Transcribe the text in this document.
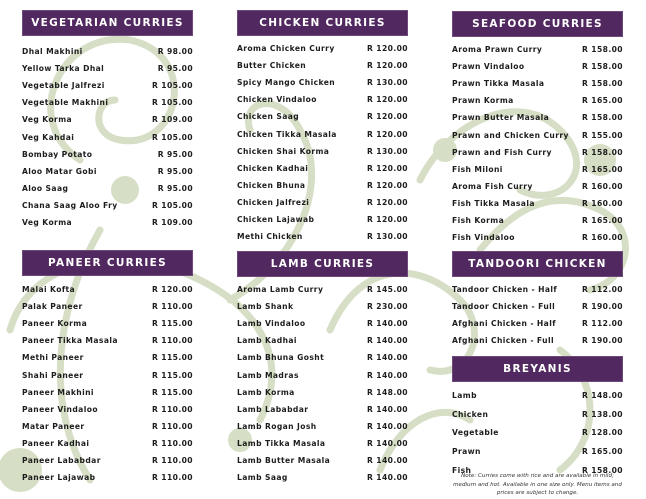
VEGETARIAN CURRIES
Dhal Makhini	R 98.00
Yellow Tarka Dhal	R 95.00
Vegetable Jalfrezi	R 105.00
Vegetable Makhini	R 105.00
Veg Korma	R 109.00
Veg Kahdai	R 105.00
Bombay Potato	R 95.00
Aloo Matar Gobi	R 95.00
Aloo Saag	R 95.00
Chana Saag Aloo Fry	R 105.00
Veg Korma	R 109.00
CHICKEN CURRIES
Aroma Chicken Curry	R 120.00
Butter Chicken	R 120.00
Spicy Mango Chicken	R 130.00
Chicken Vindaloo	R 120.00
Chicken Saag	R 120.00
Chicken Tikka Masala	R 120.00
Chicken Shai Korma	R 130.00
Chicken Kadhai	R 120.00
Chicken Bhuna	R 120.00
Chicken Jalfrezi	R 120.00
Chicken Lajawab	R 120.00
Methi Chicken	R 130.00
SEAFOOD CURRIES
Aroma Prawn Curry	R 158.00
Prawn Vindaloo	R 158.00
Prawn Tikka Masala	R 158.00
Prawn Korma	R 165.00
Prawn Butter Masala	R 158.00
Prawn and Chicken Curry R 155.00
Prawn and Fish Curry	R 158.00
Fish Miloni	R 165.00
Aroma Fish Curry	R 160.00
Fish Tikka Masala	R 160.00
Fish Korma	R 165.00
Fish Vindaloo	R 160.00
PANEER CURRIES
Malai Kofta	R 120.00
Palak Paneer	R 110.00
Paneer Korma	R 115.00
Paneer Tikka Masala	R 110.00
Methi Paneer	R 115.00
Shahi Paneer	R 115.00
Paneer Makhini	R 115.00
Paneer Vindaloo	R 110.00
Matar Paneer	R 110.00
Paneer Kadhai	R 110.00
Paneer Lababdar	R 110.00
Paneer Lajawab	R 110.00
LAMB CURRIES
Aroma Lamb Curry	R 145.00
Lamb Shank	R 230.00
Lamb Vindaloo	R 140.00
Lamb Kadhai	R 140.00
Lamb Bhuna Gosht	R 140.00
Lamb Madras	R 140.00
Lamb Korma	R 148.00
Lamb Lababdar	R 140.00
Lamb Rogan Josh	R 140.00
Lamb Tikka Masala	R 140.00
Lamb Butter Masala	R 140.00
Lamb Saag	R 140.00
TANDOORI CHICKEN
Tandoor Chicken - Half	R 112.00
Tandoor Chicken - Full	R 190.00
Afghani Chicken - Half	R 112.00
Afghani Chicken - Full	R 190.00
BREYANIS
Lamb	R 148.00
Chicken	R 138.00
Vegetable	R 128.00
Prawn	R 165.00
Fish	R 158.00
Note: Curries come with rice and are available in mild; medium and hot. Available in one size only. Menu items and prices are subject to change.
